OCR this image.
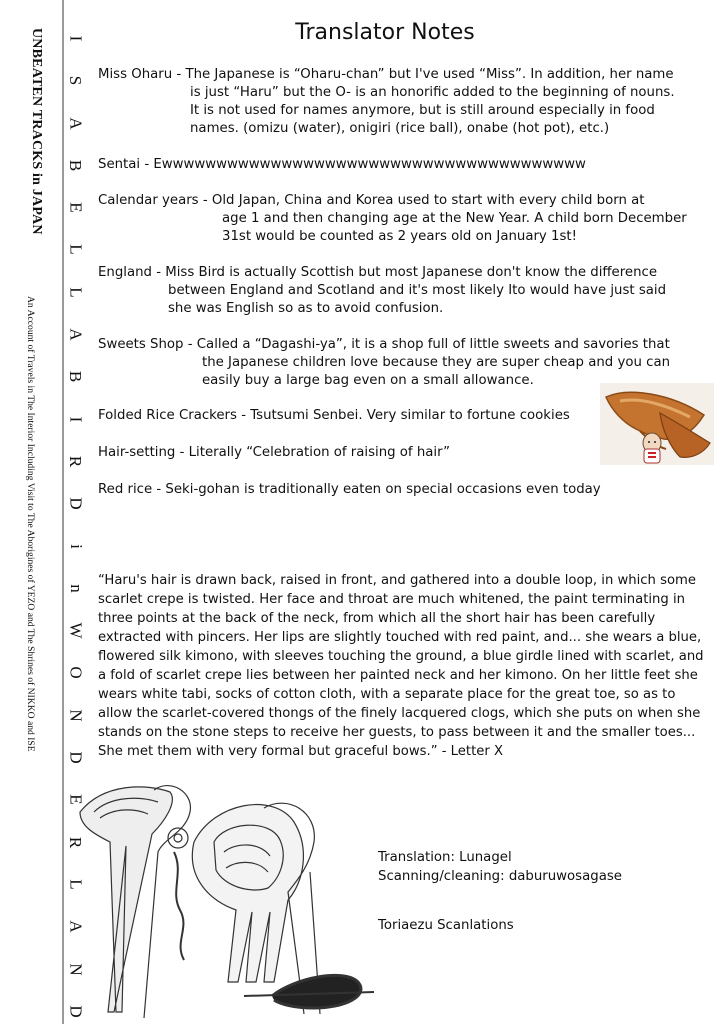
UNBEATEN TRACKS in JAPAN
An Account of Travels in The Interior Including Visit to The Aborigines of YEZO and The Shrines of NIKKO and ISE
I
S
A
B
E
L
L
A
B
I
R
D
i
n
W
O
N
D
E
R
L
A
N
D
Translator Notes
Miss Oharu - The Japanese is “Oharu-chan” but I've used “Miss”. In addition, her name
is just “Haru” but the O- is an honorific added to the beginning of nouns.
It is not used for names anymore, but is still around especially in food
names. (omizu (water), onigiri (rice ball), onabe (hot pot), etc.)
Sentai - Ewwwwwwwwwwwwwwwwwwwwwwwwwwwwwwwwwwwwwww
Calendar years - Old Japan, China and Korea used to start with every child born at
age 1 and then changing age at the New Year. A child born December
31st would be counted as 2 years old on January 1st!
England - Miss Bird is actually Scottish but most Japanese don't know the difference
between England and Scotland and it's most likely Ito would have just said
she was English so as to avoid confusion.
Sweets Shop - Called a “Dagashi-ya”, it is a shop full of little sweets and savories that
the Japanese children love because they are super cheap and you can
easily buy a large bag even on a small allowance.
Folded Rice Crackers - Tsutsumi Senbei. Very similar to fortune cookies
Hair-setting - Literally “Celebration of raising of hair”
Red rice - Seki-gohan is traditionally eaten on special occasions even today
“Haru's hair is drawn back, raised in front, and gathered into a double loop, in which some scarlet crepe is twisted. Her face and throat are much whitened, the paint terminating in three points at the back of the neck, from which all the short hair has been carefully extracted with pincers. Her lips are slightly touched with red paint, and... she wears a blue, flowered silk kimono, with sleeves touching the ground, a blue girdle lined with scarlet, and a fold of scarlet crepe lies between her painted neck and her kimono. On her little feet she wears white tabi, socks of cotton cloth, with a separate place for the great toe, so as to allow the scarlet-covered thongs of the finely lacquered clogs, which she puts on when she stands on the stone steps to receive her guests, to pass between it and the smaller toes... She met them with very formal but graceful bows.” - Letter X
Translation: Lunagel
Scanning/cleaning: daburuwosagase
Toriaezu Scanlations
